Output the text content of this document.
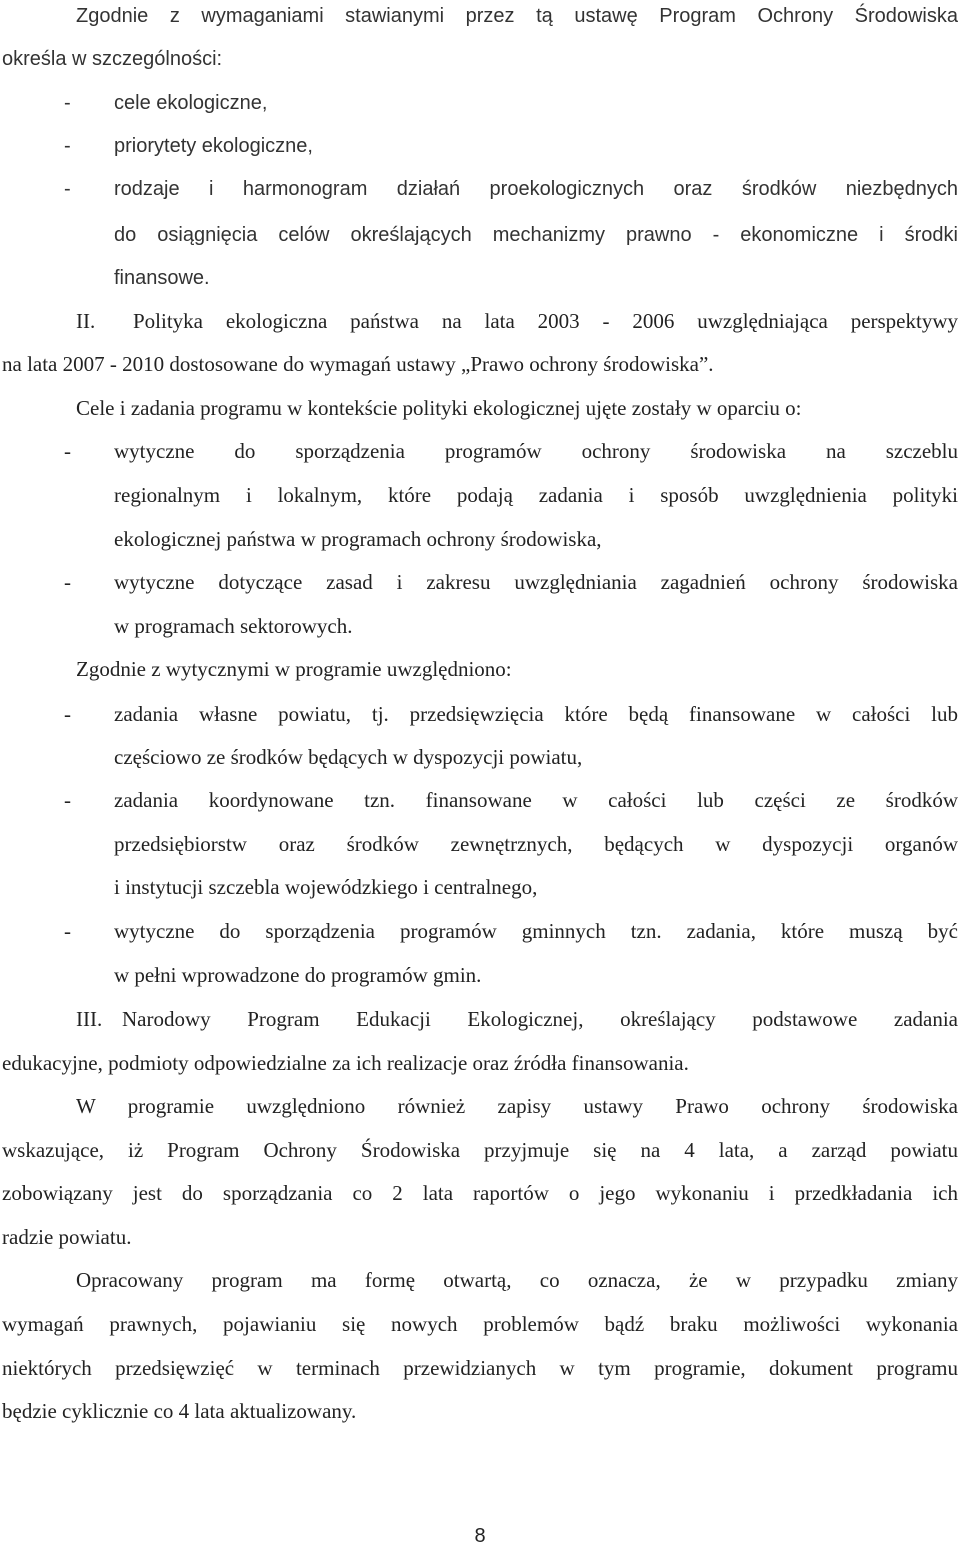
Zgodnie z wymaganiami stawianymi przez tą ustawę Program Ochrony Środowiska
określa w szczególności:
- cele ekologiczne,
- priorytety ekologiczne,
- rodzaje i harmonogram działań proekologicznych oraz środków niezbędnych
do osiągnięcia celów określających mechanizmy prawno - ekonomiczne i środki
finansowe.
II. Polityka ekologiczna państwa na lata 2003 - 2006 uwzględniająca perspektywy
na lata 2007 - 2010 dostosowane do wymagań ustawy „Prawo ochrony środowiska”.
Cele i zadania programu w kontekście polityki ekologicznej ujęte zostały w oparciu o:
- wytyczne do sporządzenia programów ochrony środowiska na szczeblu
regionalnym i lokalnym, które podają zadania i sposób uwzględnienia polityki
ekologicznej państwa w programach ochrony środowiska,
- wytyczne dotyczące zasad i zakresu uwzględniania zagadnień ochrony środowiska
w programach sektorowych.
Zgodnie z wytycznymi w programie uwzględniono:
- zadania własne powiatu, tj. przedsięwzięcia które będą finansowane w całości lub
częściowo ze środków będących w dyspozycji powiatu,
- zadania koordynowane tzn. finansowane w całości lub części ze środków
przedsiębiorstw oraz środków zewnętrznych, będących w dyspozycji organów
i instytucji szczebla wojewódzkiego i centralnego,
- wytyczne do sporządzenia programów gminnych tzn. zadania, które muszą być
w pełni wprowadzone do programów gmin.
III. Narodowy Program Edukacji Ekologicznej, określający podstawowe zadania
edukacyjne, podmioty odpowiedzialne za ich realizacje oraz źródła finansowania.
W programie uwzględniono również zapisy ustawy Prawo ochrony środowiska
wskazujące, iż Program Ochrony Środowiska przyjmuje się na 4 lata, a zarząd powiatu
zobowiązany jest do sporządzania co 2 lata raportów o jego wykonaniu i przedkładania ich
radzie powiatu.
Opracowany program ma formę otwartą, co oznacza, że w przypadku zmiany
wymagań prawnych, pojawianiu się nowych problemów bądź braku możliwości wykonania
niektórych przedsięwzięć w terminach przewidzianych w tym programie, dokument programu
będzie cyklicznie co 4 lata aktualizowany.
8
